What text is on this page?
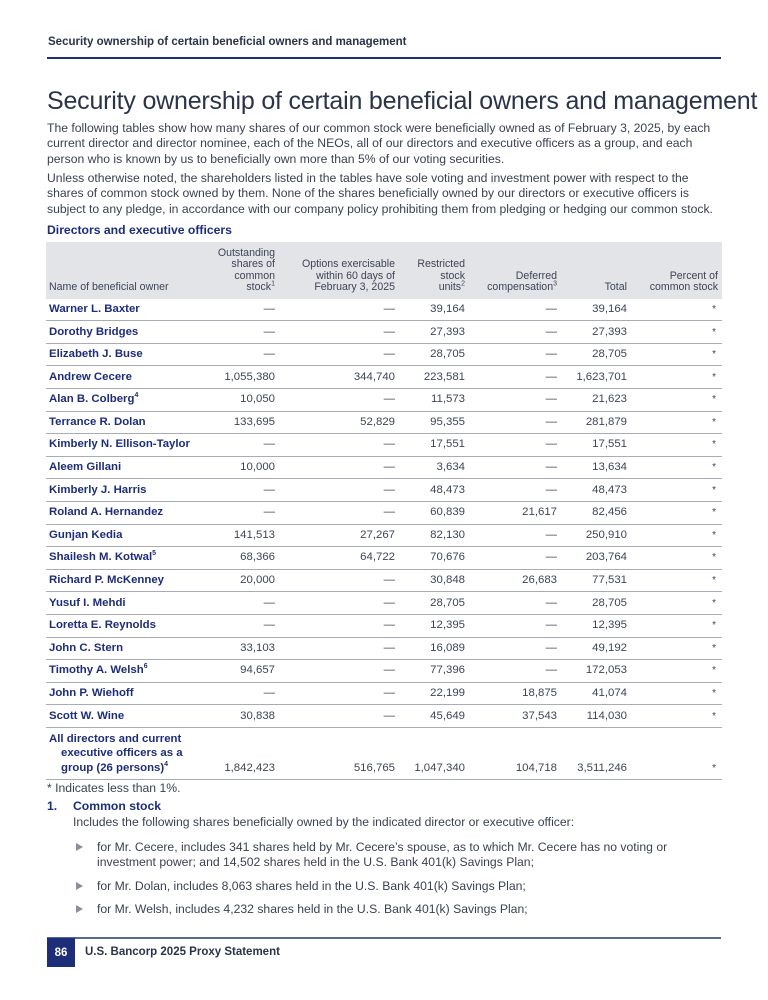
Security ownership of certain beneficial owners and management
Security ownership of certain beneficial owners and management

The following tables show how many shares of our common stock were beneficially owned as of February 3, 2025, by each current director and director nominee, each of the NEOs, all of our directors and executive officers as a group, and each person who is known by us to beneficially own more than 5% of our voting securities.

Unless otherwise noted, the shareholders listed in the tables have sole voting and investment power with respect to the shares of common stock owned by them. None of the shares beneficially owned by our directors or executive officers is subject to any pledge, in accordance with our company policy prohibiting them from pledging or hedging our common stock.

Directors and executive officers
Name of beneficial owner	Outstanding
shares of
common
stock$^1$	Options exercisable
within 60 days of
February 3, 2025	Restricted
stock
units$^2$	Deferred
compensation$^3$	Total	Percent of
common stock
Warner L. Baxter	—	—	39,164	—	39,164	*
Dorothy Bridges	—	—	27,393	—	27,393	*
Elizabeth J. Buse	—	—	28,705	—	28,705	*
Andrew Cecere	1,055,380	344,740	223,581	—	1,623,701	*
Alan B. Colberg$^4$	10,050	—	11,573	—	21,623	*
Terrance R. Dolan	133,695	52,829	95,355	—	281,879	*
Kimberly N. Ellison-Taylor	—	—	17,551	—	17,551	*
Aleem Gillani	10,000	—	3,634	—	13,634	*
Kimberly J. Harris	—	—	48,473	—	48,473	*
Roland A. Hernandez	—	—	60,839	21,617	82,456	*
Gunjan Kedia	141,513	27,267	82,130	—	250,910	*
Shailesh M. Kotwal$^5$	68,366	64,722	70,676	—	203,764	*
Richard P. McKenney	20,000	—	30,848	26,683	77,531	*
Yusuf I. Mehdi	—	—	28,705	—	28,705	*
Loretta E. Reynolds	—	—	12,395	—	12,395	*
John C. Stern	33,103	—	16,089	—	49,192	*
Timothy A. Welsh$^6$	94,657	—	77,396	—	172,053	*
John P. Wiehoff	—	—	22,199	18,875	41,074	*
Scott W. Wine	30,838	—	45,649	37,543	114,030	*
All directors and current
executive officers as a
group (26 persons)$^4$	1,842,423	516,765	1,047,340	104,718	3,511,246	*
* Indicates less than 1%.
1. Common stock
Includes the following shares beneficially owned by the indicated director or executive officer:
for Mr. Cecere, includes 341 shares held by Mr. Cecere’s spouse, as to which Mr. Cecere has no voting or investment power; and 14,502 shares held in the U.S. Bank 401(k) Savings Plan;
for Mr. Dolan, includes 8,063 shares held in the U.S. Bank 401(k) Savings Plan;
for Mr. Welsh, includes 4,232 shares held in the U.S. Bank 401(k) Savings Plan;
86	U.S. Bancorp 2025 Proxy Statement
